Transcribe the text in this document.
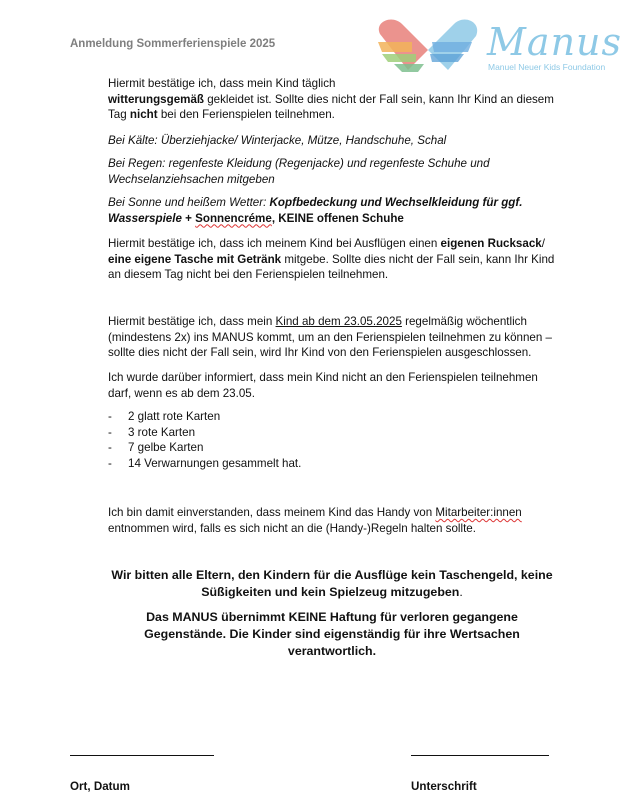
Anmeldung Sommerferienspiele 2025	Manus
Manuel Neuer Kids Foundation

Hiermit bestätige ich, dass mein Kind täglich
witterungsgemäß gekleidet ist. Sollte dies nicht der Fall sein, kann Ihr Kind an diesem Tag nicht bei den Ferienspielen teilnehmen.

Bei Kälte: Überziehjacke/ Winterjacke, Mütze, Handschuhe, Schal
Bei Regen: regenfeste Kleidung (Regenjacke) und regenfeste Schuhe und Wechselanziehsachen mitgeben
Bei Sonne und heißem Wetter: Kopfbedeckung und Wechselkleidung für ggf. Wasserspiele + Sonnencréme, KEINE offenen Schuhe
Hiermit bestätige ich, dass ich meinem Kind bei Ausflügen einen eigenen Rucksack/ eine eigene Tasche mit Getränk mitgebe. Sollte dies nicht der Fall sein, kann Ihr Kind an diesem Tag nicht bei den Ferienspielen teilnehmen.
Hiermit bestätige ich, dass mein Kind ab dem 23.05.2025 regelmäßig wöchentlich (mindestens 2x) ins MANUS kommt, um an den Ferienspielen teilnehmen zu können – sollte dies nicht der Fall sein, wird Ihr Kind von den Ferienspielen ausgeschlossen.
Ich wurde darüber informiert, dass mein Kind nicht an den Ferienspielen teilnehmen darf, wenn es ab dem 23.05.
-	2 glatt rote Karten
-	3 rote Karten
-	7 gelbe Karten
-	14 Verwarnungen gesammelt hat.
Ich bin damit einverstanden, dass meinem Kind das Handy von Mitarbeiter:innen entnommen wird, falls es sich nicht an die (Handy-)Regeln halten sollte.
Wir bitten alle Eltern, den Kindern für die Ausflüge kein Taschengeld, keine Süßigkeiten und kein Spielzeug mitzugeben.
Das MANUS übernimmt KEINE Haftung für verloren gegangene Gegenstände. Die Kinder sind eigenständig für ihre Wertsachen verantwortlich.
Ort, Datum	Unterschrift
